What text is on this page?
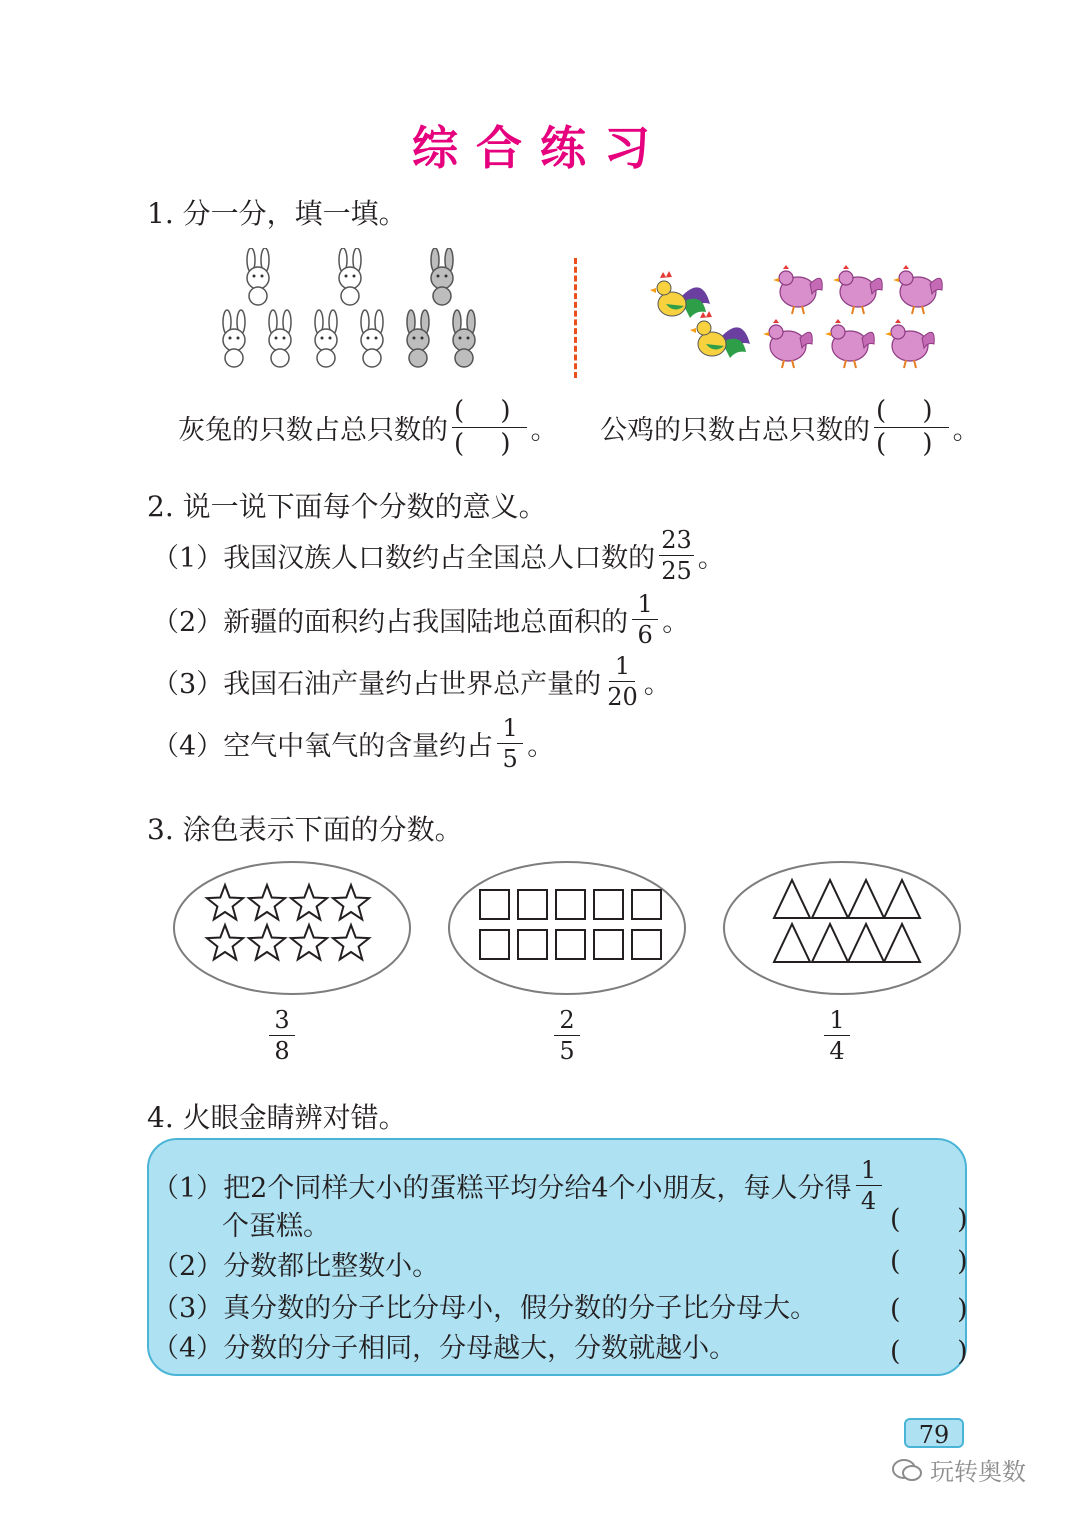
综合练习
1. 分一分，填一填。
灰兔的只数占总只数的 $\frac{( )}{( )}$ 。 公鸡的只数占总只数的 $\frac{( )}{( )}$ 。
2. 说一说下面每个分数的意义。
（1） 我国汉族人口数约占全国总人口数的 $\frac{23}{25}$ 。
（2） 新疆的面积约占我国陆地总面积的 $\frac{1}{6}$ 。
（3） 我国石油产量约占世界总产量的 $\frac{1}{20}$ 。
（4） 空气中氧气的含量约占 $\frac{1}{5}$ 。
3. 涂色表示下面的分数。
$\frac{3}{8}$	$\frac{2}{5}$	$\frac{1}{4}$
4. 火眼金睛辨对错。
（1） 把2个同样大小的蛋糕平均分给4个小朋友，每人分得 $\frac{1}{4}$
个蛋糕。	( )
（2） 分数都比整数小。	( )
（3） 真分数的分子比分母小，假分数的分子比分母大。	( )
（4） 分数的分子相同，分母越大，分数就越小。	( )
79
玩转奥数
